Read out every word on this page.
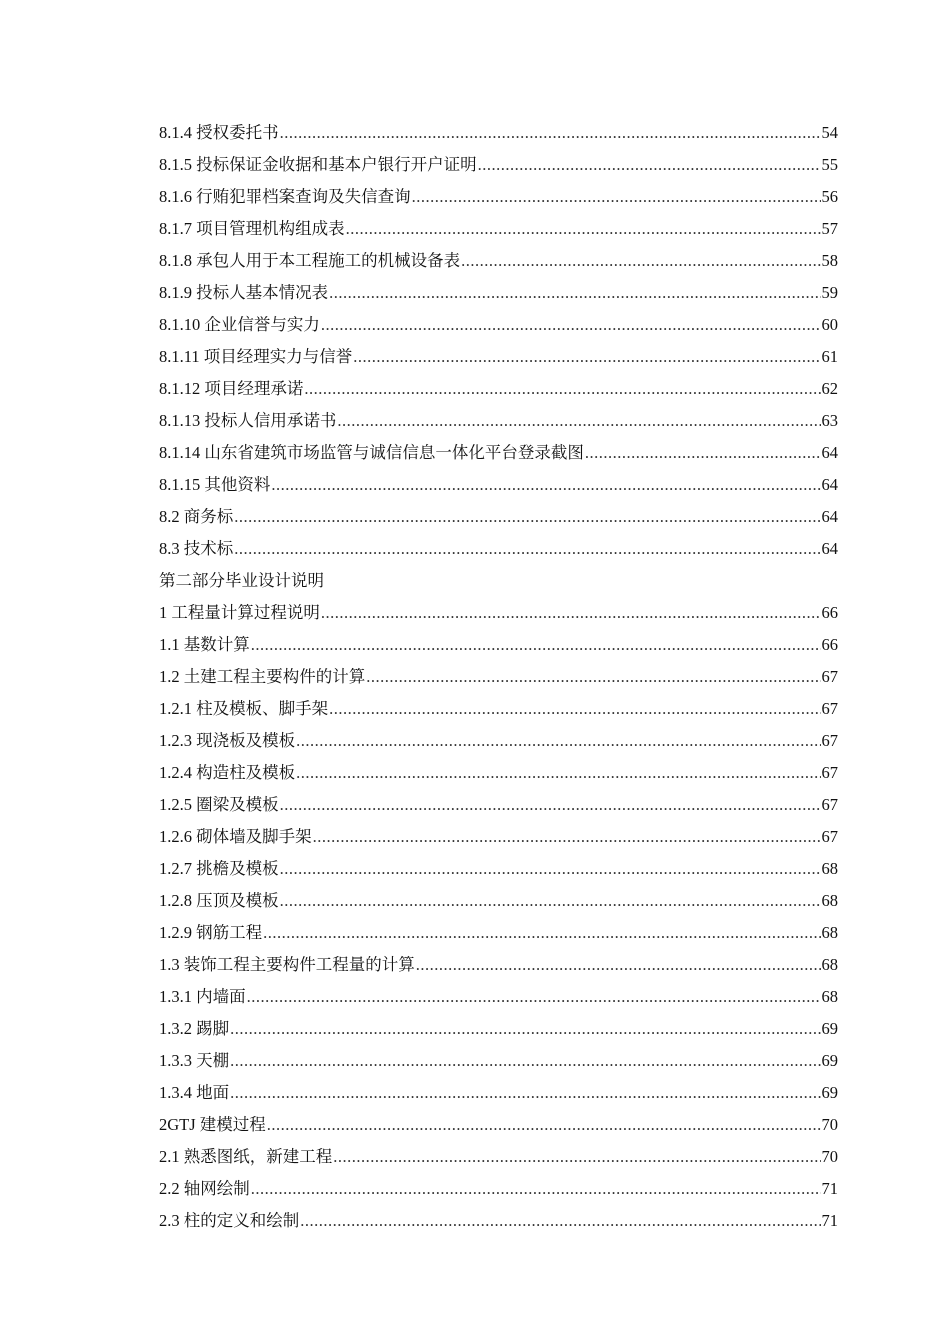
8.1.4 授权委托书 .....	54
8.1.5 投标保证金收据和基本户银行开户证明 .....	55
8.1.6 行贿犯罪档案查询及失信查询 .....	56
8.1.7 项目管理机构组成表 .....	57
8.1.8 承包人用于本工程施工的机械设备表 .....	58
8.1.9 投标人基本情况表 .....	59
8.1.10 企业信誉与实力 .....	60
8.1.11 项目经理实力与信誉 .....	61
8.1.12 项目经理承诺 .....	62
8.1.13 投标人信用承诺书 .....	63
8.1.14 山东省建筑市场监管与诚信信息一体化平台登录截图 .....	64
8.1.15 其他资料 .....	64
8.2 商务标 .....	64
8.3 技术标 .....	64
第二部分毕业设计说明
1 工程量计算过程说明 .....	66
1.1 基数计算 .....	66
1.2 土建工程主要构件的计算 .....	67
1.2.1 柱及模板、脚手架 .....	67
1.2.3 现浇板及模板 .....	67
1.2.4 构造柱及模板 .....	67
1.2.5 圈梁及模板 .....	67
1.2.6 砌体墙及脚手架 .....	67
1.2.7 挑檐及模板 .....	68
1.2.8 压顶及模板 .....	68
1.2.9 钢筋工程 .....	68
1.3 装饰工程主要构件工程量的计算 .....	68
1.3.1 内墙面 .....	68
1.3.2 踢脚 .....	69
1.3.3 天棚 .....	69
1.3.4 地面 .....	69
2GTJ 建模过程 .....	70
2.1 熟悉图纸，新建工程 .....	70
2.2 轴网绘制 .....	71
2.3 柱的定义和绘制 .....	71
